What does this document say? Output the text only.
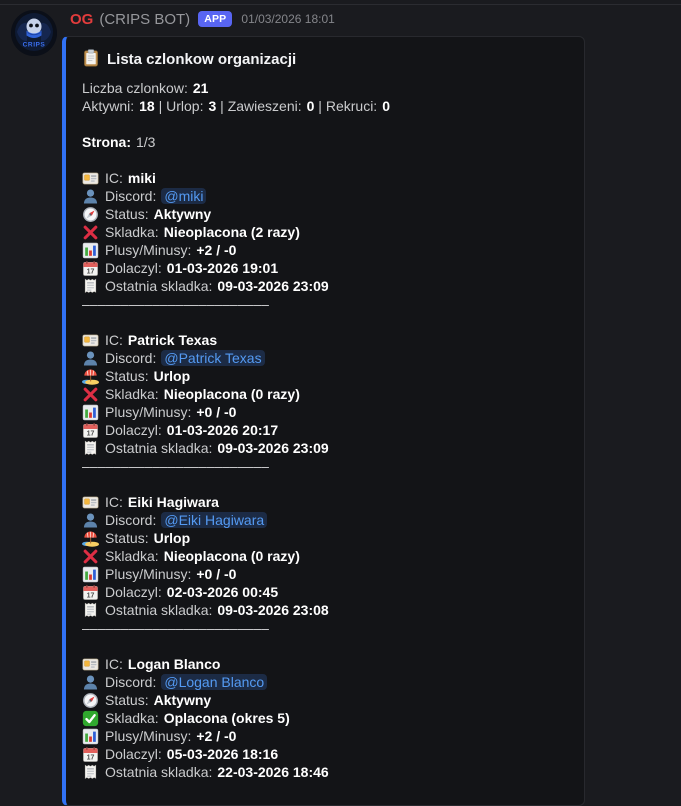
CRIPS
OG (CRIPS BOT)	APP	01/03/2026 18:01
Lista czlonkow organizacji
Liczba czlonkow: 21
Aktywni: 18 | Urlop: 3 | Zawieszeni: 0 | Rekruci: 0
Strona: 1/3
IC: miki
Discord: @miki
Status: Aktywny
Skladka: Nieoplacona (2 razy)
Plusy/Minusy: +2 / -0
Dolaczyl: 01-03-2026 19:01
Ostatnia skladka: 09-03-2026 23:09
––––––––––––––––––––––––
IC: Patrick Texas
Discord: @Patrick Texas
Status: Urlop
Skladka: Nieoplacona (0 razy)
Plusy/Minusy: +0 / -0
Dolaczyl: 01-03-2026 20:17
Ostatnia skladka: 09-03-2026 23:09
––––––––––––––––––––––––
IC: Eiki Hagiwara
Discord: @Eiki Hagiwara
Status: Urlop
Skladka: Nieoplacona (0 razy)
Plusy/Minusy: +0 / -0
Dolaczyl: 02-03-2026 00:45
Ostatnia skladka: 09-03-2026 23:08
––––––––––––––––––––––––
IC: Logan Blanco
Discord: @Logan Blanco
Status: Aktywny
Skladka: Oplacona (okres 5)
Plusy/Minusy: +2 / -0
Dolaczyl: 05-03-2026 18:16
Ostatnia skladka: 22-03-2026 18:46
